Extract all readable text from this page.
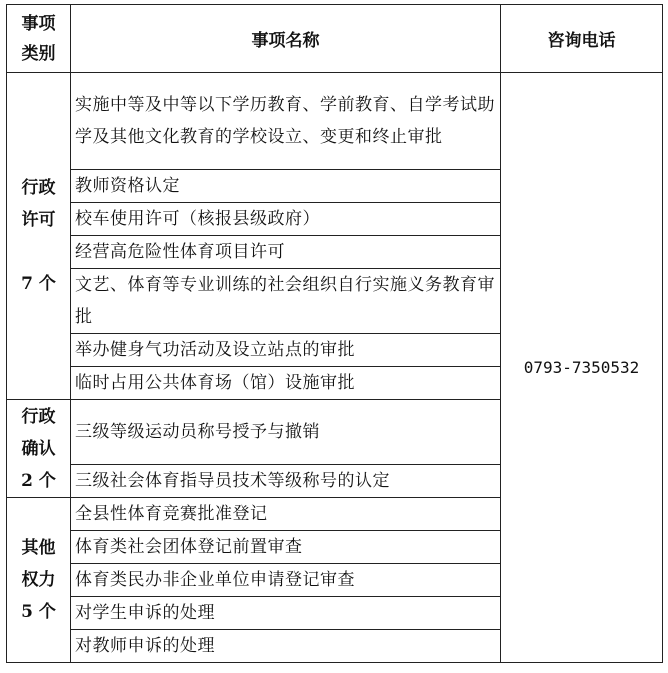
事项
类别	事项名称	咨询电话

行政
许可

7 个	实施中等及中等以下学历教育、学前教育、自学考试助学及其他文化教育的学校设立、变更和终止审批	0793-7350532
	教师资格认定	
	校车使用许可（核报县级政府）	
	经营高危险性体育项目许可	
	文艺、体育等专业训练的社会组织自行实施义务教育审批	
	举办健身气功活动及设立站点的审批	
	临时占用公共体育场（馆）设施审批	

行政
确认
2 个	三级等级运动员称号授予与撤销	
	三级社会体育指导员技术等级称号的认定	

其他
权力
5 个	全县性体育竞赛批准登记	
	体育类社会团体登记前置审查	
	体育类民办非企业单位申请登记审查	
	对学生申诉的处理	
	对教师申诉的处理	
